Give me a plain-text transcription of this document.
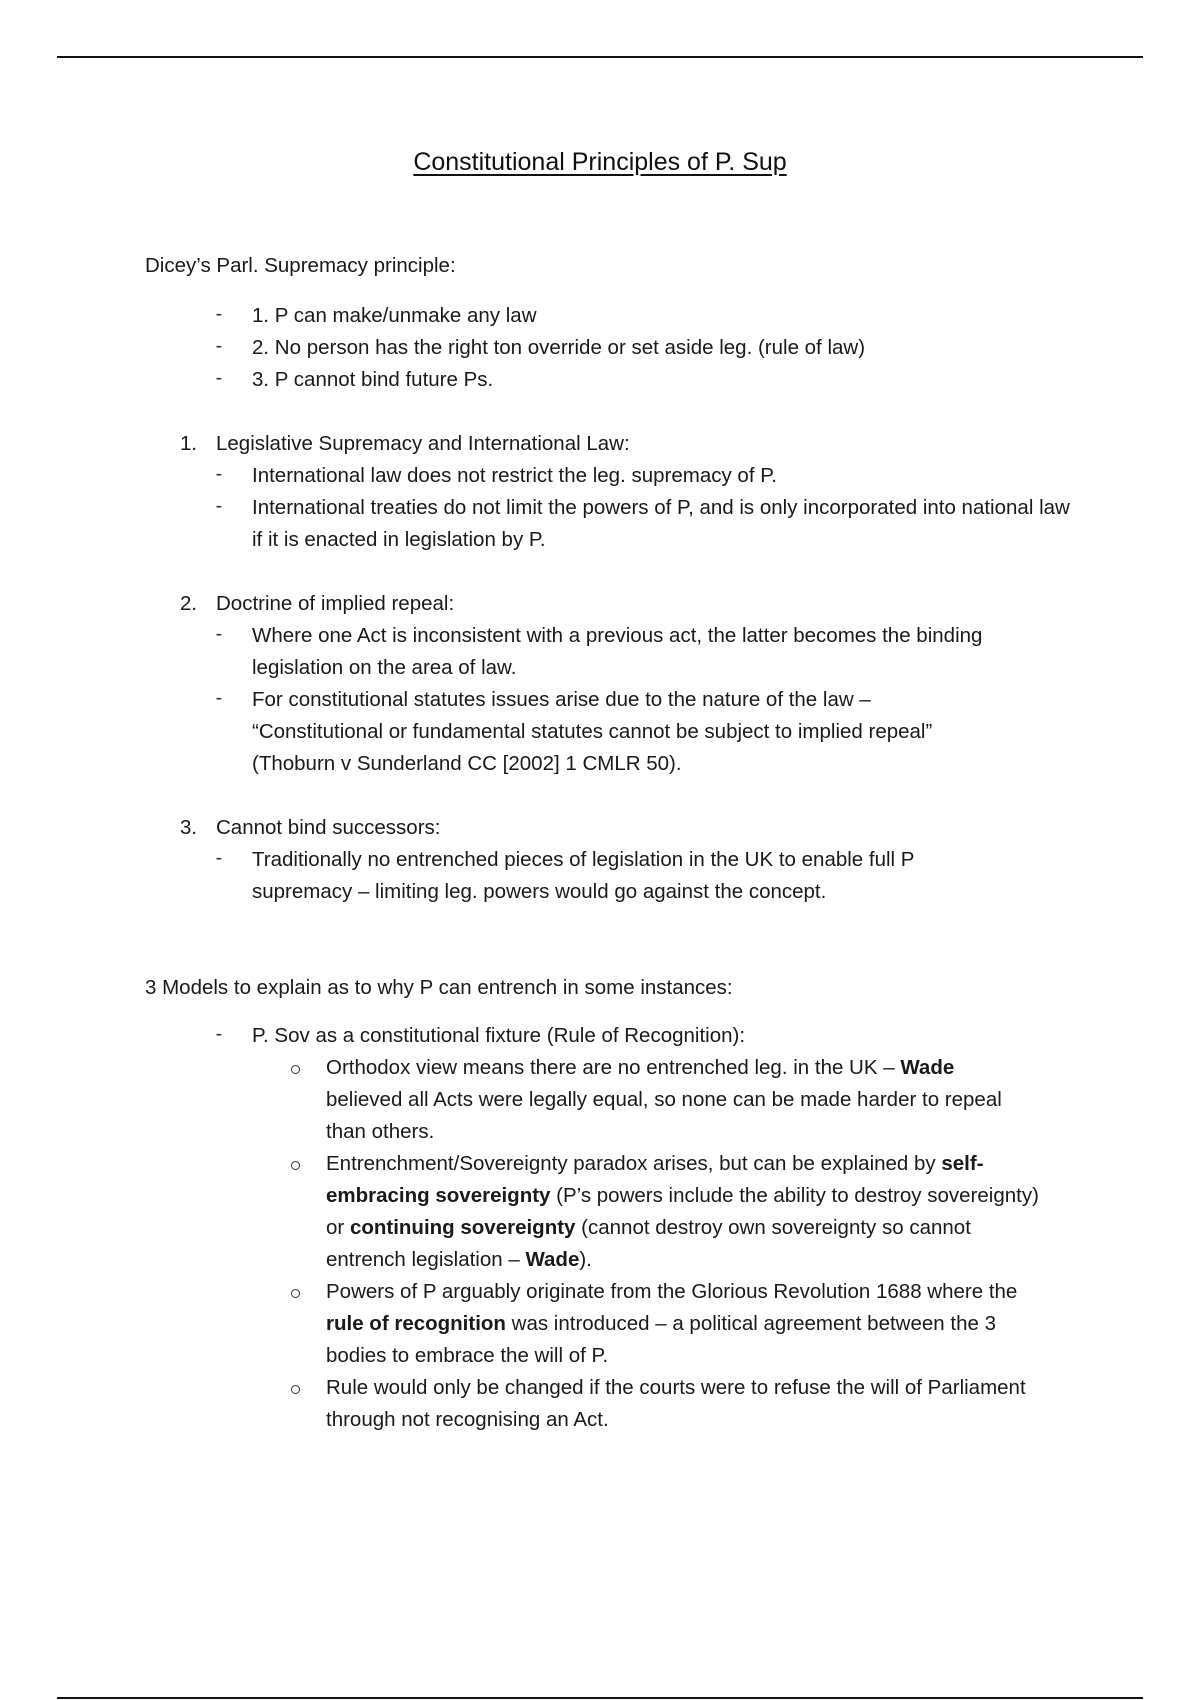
Constitutional Principles of P. Sup
Dicey’s Parl. Supremacy principle:
- 1. P can make/unmake any law
- 2. No person has the right ton override or set aside leg. (rule of law)
- 3. P cannot bind future Ps.
1. Legislative Supremacy and International Law:
- International law does not restrict the leg. supremacy of P.
- International treaties do not limit the powers of P, and is only incorporated into national law if it is enacted in legislation by P.
2. Doctrine of implied repeal:
- Where one Act is inconsistent with a previous act, the latter becomes the binding legislation on the area of law.
- For constitutional statutes issues arise due to the nature of the law – “Constitutional or fundamental statutes cannot be subject to implied repeal” (Thoburn v Sunderland CC [2002] 1 CMLR 50).
3. Cannot bind successors:
- Traditionally no entrenched pieces of legislation in the UK to enable full P supremacy – limiting leg. powers would go against the concept.
3 Models to explain as to why P can entrench in some instances:
- P. Sov as a constitutional fixture (Rule of Recognition):
Orthodox view means there are no entrenched leg. in the UK – Wade believed all Acts were legally equal, so none can be made harder to repeal than others.
Entrenchment/Sovereignty paradox arises, but can be explained by self- embracing sovereignty (P’s powers include the ability to destroy sovereignty) or continuing sovereignty (cannot destroy own sovereignty so cannot entrench legislation – Wade).
Powers of P arguably originate from the Glorious Revolution 1688 where the rule of recognition was introduced – a political agreement between the 3 bodies to embrace the will of P.
Rule would only be changed if the courts were to refuse the will of Parliament through not recognising an Act.
